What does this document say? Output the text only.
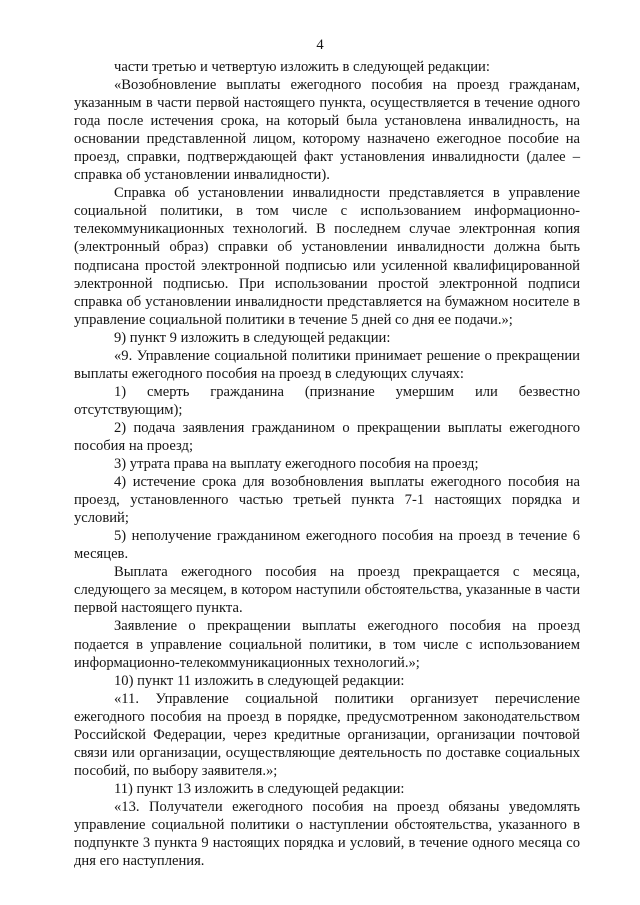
4

части третью и четвертую изложить в следующей редакции:

«Возобновление выплаты ежегодного пособия на проезд гражданам, указанным в части первой настоящего пункта, осуществляется в течение одного года после истечения срока, на который была установлена инвалидность, на основании представленной лицом, которому назначено ежегодное пособие на проезд, справки, подтверждающей факт установления инвалидности (далее – справка об установлении инвалидности).

Справка об установлении инвалидности представляется в управление социальной политики, в том числе с использованием информационно-телекоммуникационных технологий. В последнем случае электронная копия (электронный образ) справки об установлении инвалидности должна быть подписана простой электронной подписью или усиленной квалифицированной электронной подписью. При использовании простой электронной подписи справка об установлении инвалидности представляется на бумажном носителе в управление социальной политики в течение 5 дней со дня ее подачи.»;

9) пункт 9 изложить в следующей редакции:

«9. Управление социальной политики принимает решение о прекращении выплаты ежегодного пособия на проезд в следующих случаях:

1) смерть гражданина (признание умершим или безвестно отсутствующим);

2) подача заявления гражданином о прекращении выплаты ежегодного пособия на проезд;

3) утрата права на выплату ежегодного пособия на проезд;

4) истечение срока для возобновления выплаты ежегодного пособия на проезд, установленного частью третьей пункта 7-1 настоящих порядка и условий;

5) неполучение гражданином ежегодного пособия на проезд в течение 6 месяцев.

Выплата ежегодного пособия на проезд прекращается с месяца, следующего за месяцем, в котором наступили обстоятельства, указанные в части первой настоящего пункта.

Заявление о прекращении выплаты ежегодного пособия на проезд подается в управление социальной политики, в том числе с использованием информационно-телекоммуникационных технологий.»;

10) пункт 11 изложить в следующей редакции:

«11. Управление социальной политики организует перечисление ежегодного пособия на проезд в порядке, предусмотренном законодательством Российской Федерации, через кредитные организации, организации почтовой связи или организации, осуществляющие деятельность по доставке социальных пособий, по выбору заявителя.»;

11) пункт 13 изложить в следующей редакции:

«13. Получатели ежегодного пособия на проезд обязаны уведомлять управление социальной политики о наступлении обстоятельства, указанного в подпункте 3 пункта 9 настоящих порядка и условий, в течение одного месяца со дня его наступления.
